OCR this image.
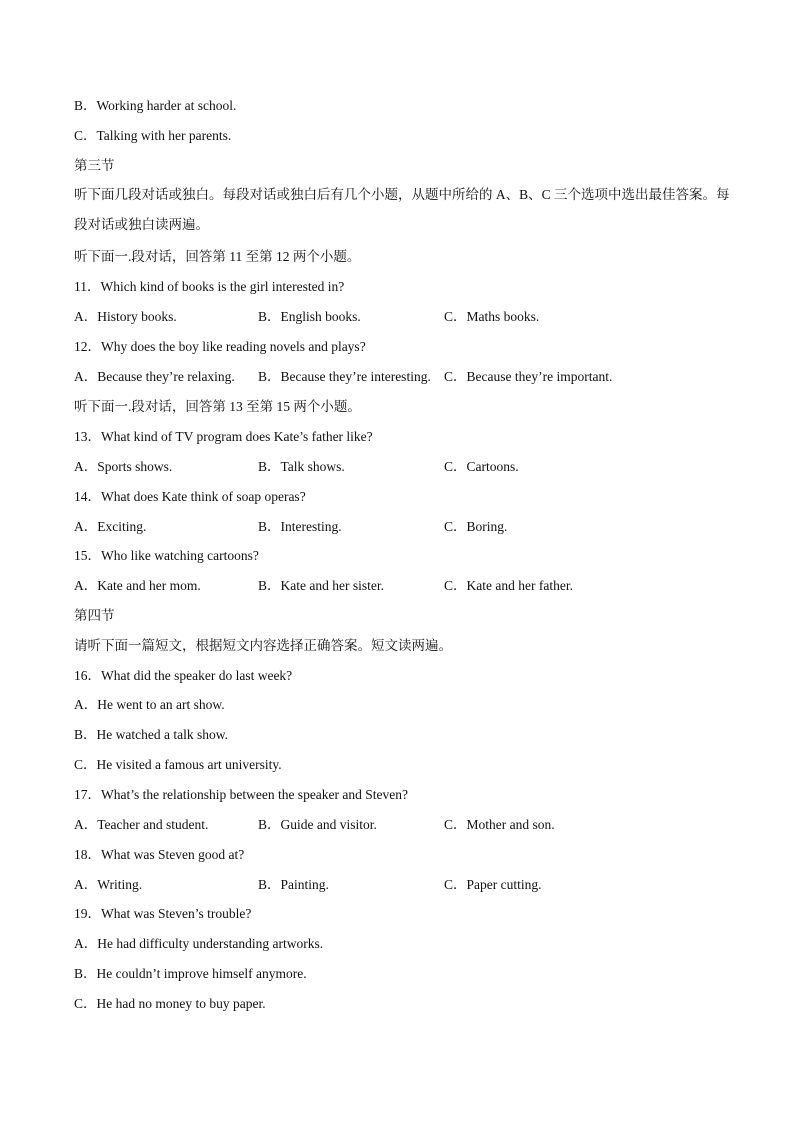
B．Working harder at school.
C．Talking with her parents.
第三节
听下面几段对话或独白。每段对话或独白后有几个小题，从题中所给的 A、B、C 三个选项中选出最佳答案。每段对话或独白读两遍。
听下面一.段对话，回答第 11 至第 12 两个小题。
11．Which kind of books is the girl interested in?
A．History books.	B．English books.	C．Maths books.
12．Why does the boy like reading novels and plays?
A．Because they’re relaxing. B．Because they’re interesting. C．Because they’re important.
听下面一.段对话，回答第 13 至第 15 两个小题。
13．What kind of TV program does Kate’s father like?
A．Sports shows.	B．Talk shows.	C．Cartoons.
14．What does Kate think of soap operas?
A．Exciting.	B．Interesting.	C．Boring.
15．Who like watching cartoons?
A．Kate and her mom.	B．Kate and her sister.	C．Kate and her father.
第四节
请听下面一篇短文，根据短文内容选择正确答案。短文读两遍。
16．What did the speaker do last week?
A．He went to an art show.
B．He watched a talk show.
C．He visited a famous art university.
17．What’s the relationship between the speaker and Steven?
A．Teacher and student.	B．Guide and visitor.	C．Mother and son.
18．What was Steven good at?
A．Writing.	B．Painting.	C．Paper cutting.
19．What was Steven’s trouble?
A．He had difficulty understanding artworks.
B．He couldn’t improve himself anymore.
C．He had no money to buy paper.
